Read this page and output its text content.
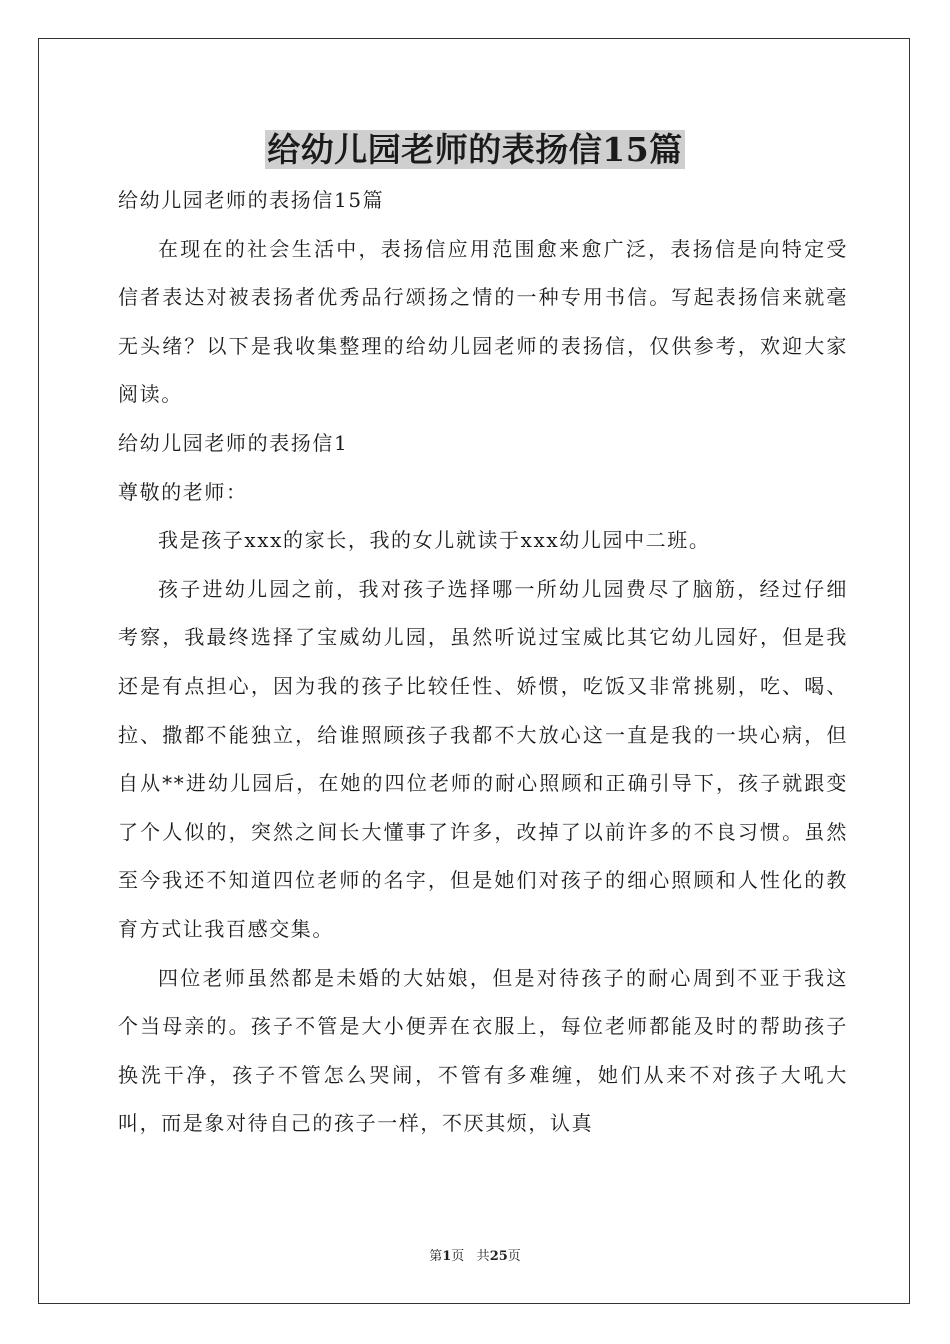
给幼儿园老师的表扬信15篇

给幼儿园老师的表扬信15篇

在现在的社会生活中，表扬信应用范围愈来愈广泛，表扬信是向特定受信者表达对被表扬者优秀品行颂扬之情的一种专用书信。写起表扬信来就毫无头绪？以下是我收集整理的给幼儿园老师的表扬信，仅供参考，欢迎大家阅读。

给幼儿园老师的表扬信1

尊敬的老师：

我是孩子xxx的家长，我的女儿就读于xxx幼儿园中二班。

孩子进幼儿园之前，我对孩子选择哪一所幼儿园费尽了脑筋，经过仔细考察，我最终选择了宝威幼儿园，虽然听说过宝威比其它幼儿园好，但是我还是有点担心，因为我的孩子比较任性、娇惯，吃饭又非常挑剔，吃、喝、拉、撒都不能独立，给谁照顾孩子我都不大放心这一直是我的一块心病，但自从**进幼儿园后，在她的四位老师的耐心照顾和正确引导下，孩子就跟变了个人似的，突然之间长大懂事了许多，改掉了以前许多的不良习惯。虽然至今我还不知道四位老师的名字，但是她们对孩子的细心照顾和人性化的教育方式让我百感交集。

四位老师虽然都是未婚的大姑娘，但是对待孩子的耐心周到不亚于我这个当母亲的。孩子不管是大小便弄在衣服上，每位老师都能及时的帮助孩子换洗干净，孩子不管怎么哭闹，不管有多难缠，她们从来不对孩子大吼大叫，而是象对待自己的孩子一样，不厌其烦，认真

第1页 共25页
